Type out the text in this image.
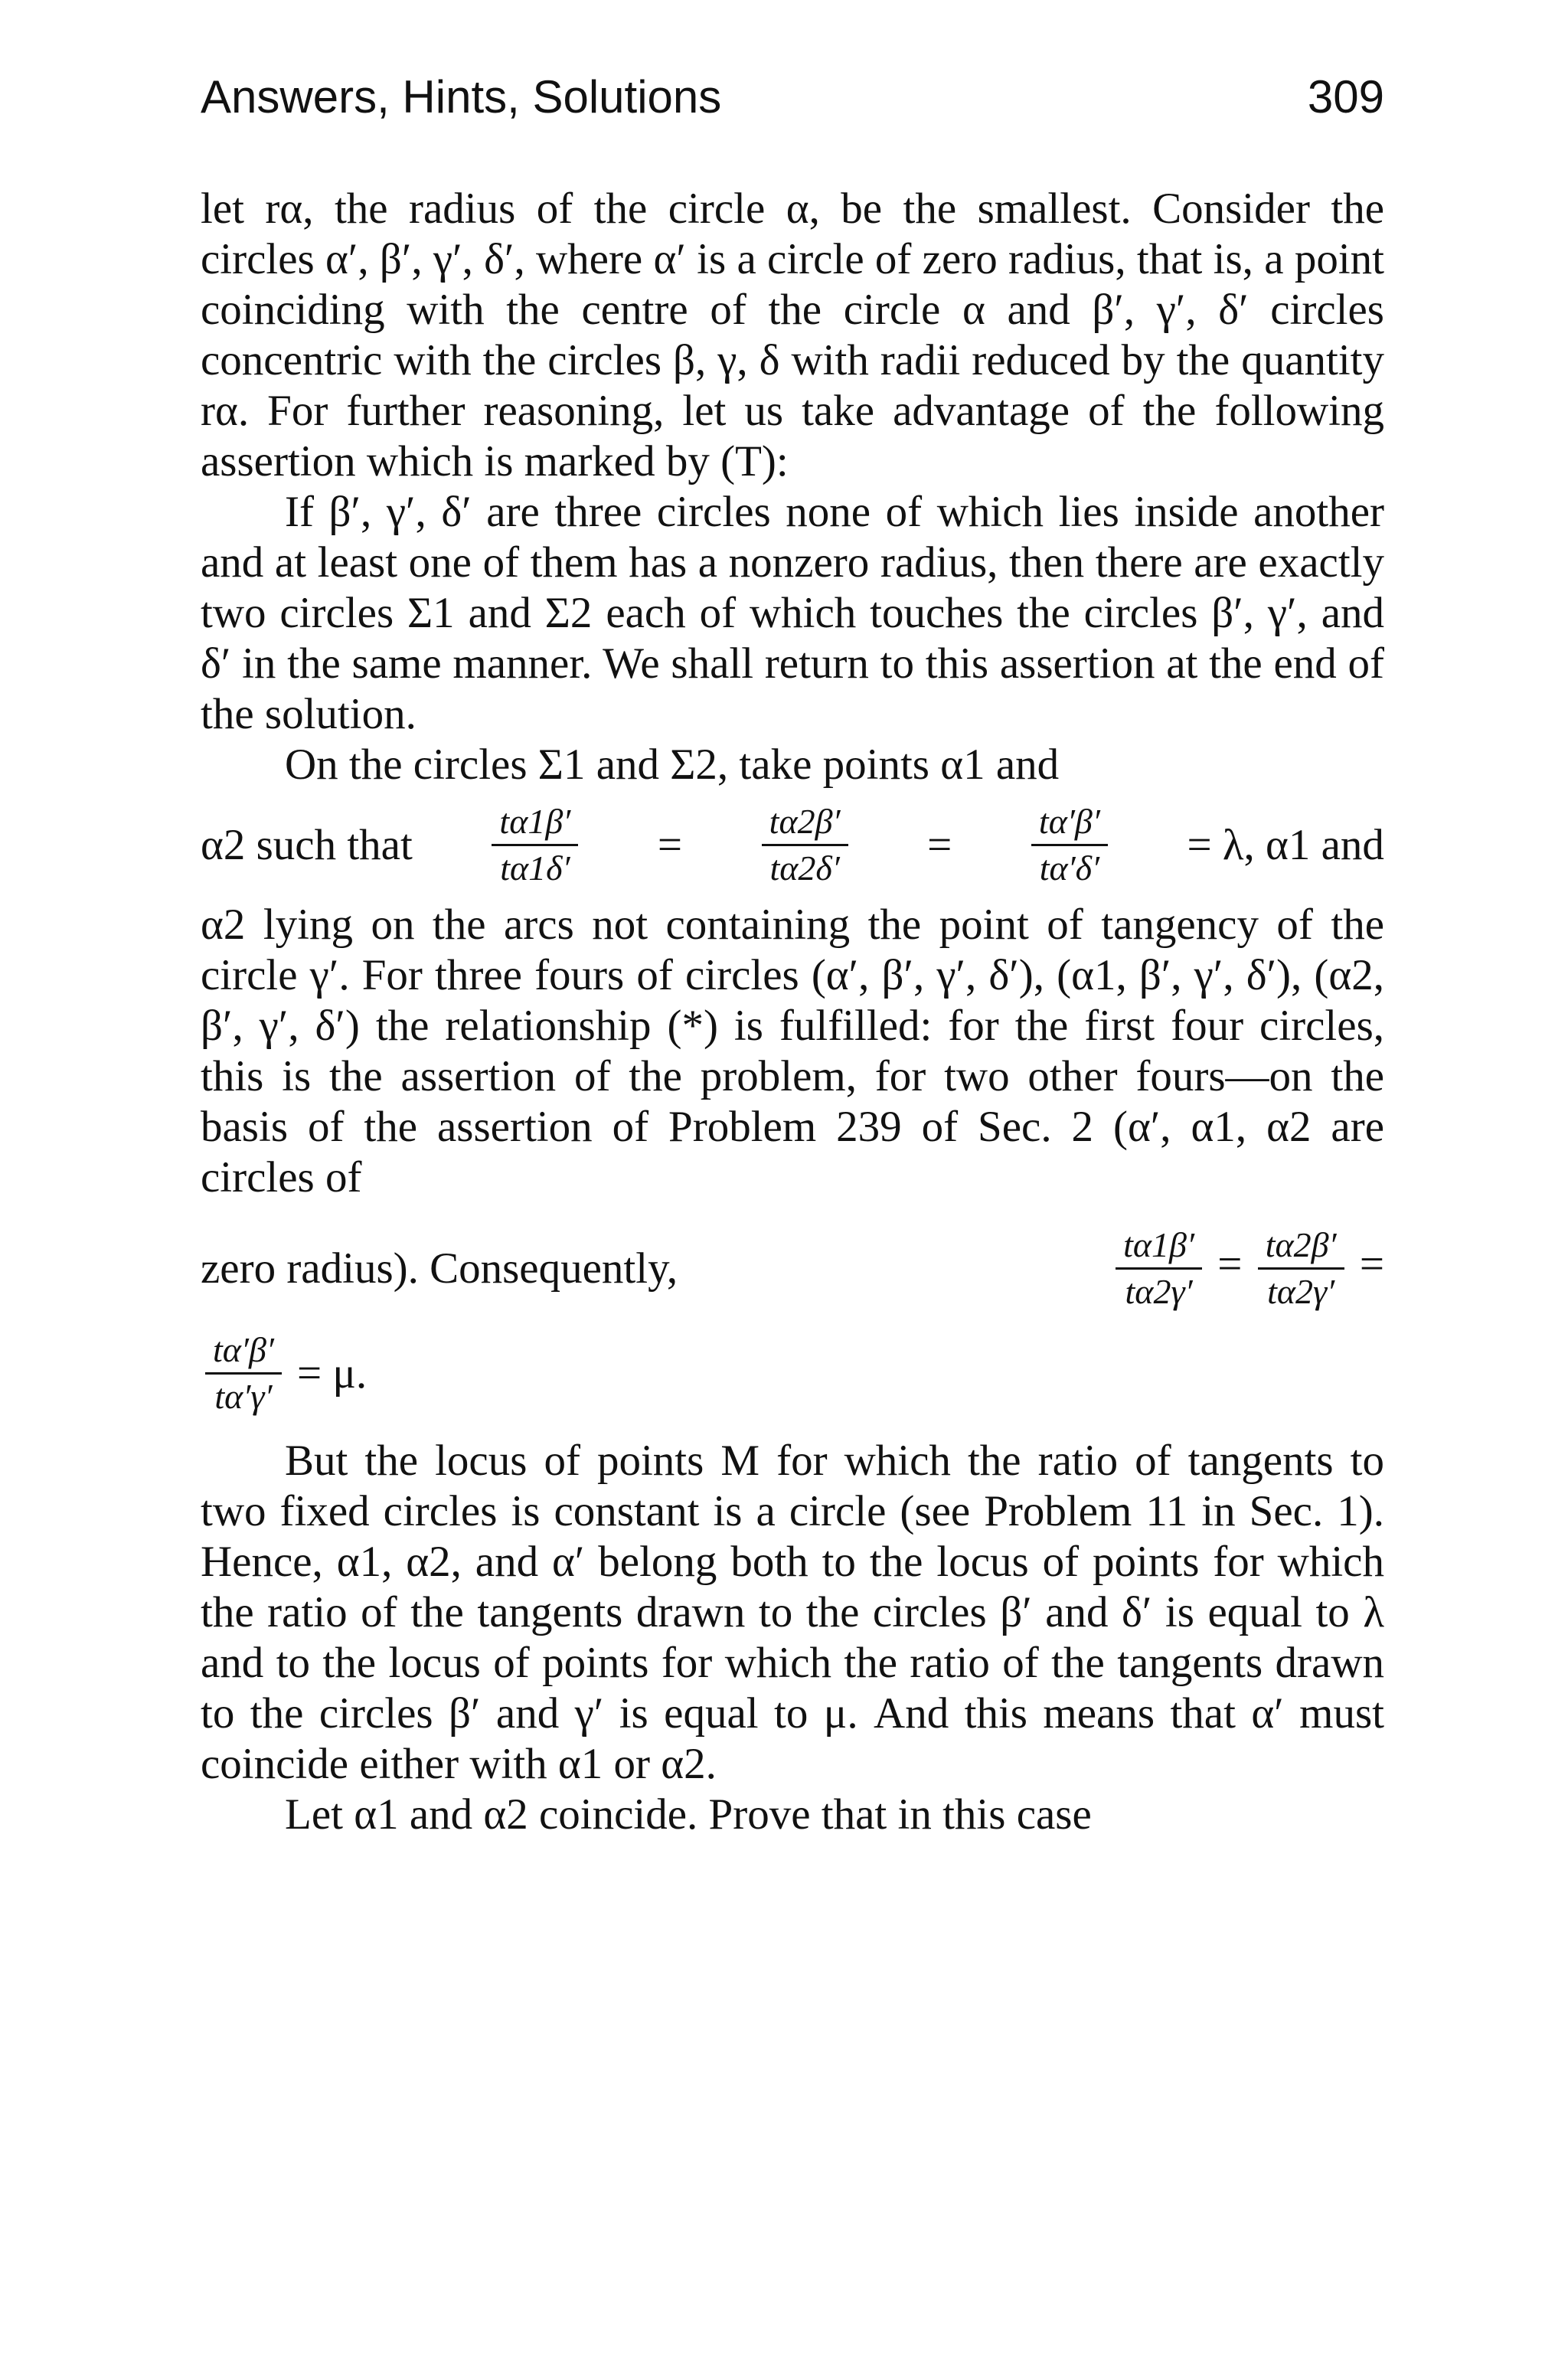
Answers, Hints, Solutions	309

let rα, the radius of the circle α, be the smallest. Consider the circles α′, β′, γ′, δ′, where α′ is a circle of zero radius, that is, a point coinciding with the centre of the circle α and β′, γ′, δ′ circles concentric with the circles β, γ, δ with radii reduced by the quantity rα. For further reasoning, let us take advantage of the following assertion which is marked by (T):

If β′, γ′, δ′ are three circles none of which lies inside another and at least one of them has a nonzero radius, then there are exactly two circles Σ1 and Σ2 each of which touches the circles β′, γ′, and δ′ in the same manner. We shall return to this assertion at the end of the solution.

On the circles Σ1 and Σ2, take points α1 and

α2 such that $\frac{t\alpha 1\beta'}{t\alpha 1\delta'} = \frac{t\alpha 2\beta'}{t\alpha 2\delta'} = \frac{t\alpha'\beta'}{t\alpha'\delta'} = \lambda$, α1 and

α2 lying on the arcs not containing the point of tangency of the circle γ′. For three fours of circles (α′, β′, γ′, δ′), (α1, β′, γ′, δ′), (α2, β′, γ′, δ′) the relationship (*) is fulfilled: for the first four circles, this is the assertion of the problem, for two other fours—on the basis of the assertion of Problem 239 of Sec. 2 (α′, α1, α2 are circles of

zero radius). Consequently,	$\frac{t\alpha 1\beta'}{t\alpha 2\gamma'} = \frac{t\alpha 2\beta'}{t\alpha 2\gamma'}$ =
$\frac{t\alpha'\beta'}{t\alpha'\gamma'} = \mu$.

But the locus of points M for which the ratio of tangents to two fixed circles is constant is a circle (see Problem 11 in Sec. 1). Hence, α1, α2, and α′ belong both to the locus of points for which the ratio of the tangents drawn to the circles β′ and δ′ is equal to λ and to the locus of points for which the ratio of the tangents drawn to the circles β′ and γ′ is equal to μ. And this means that α′ must coincide either with α1 or α2.

Let α1 and α2 coincide. Prove that in this case
